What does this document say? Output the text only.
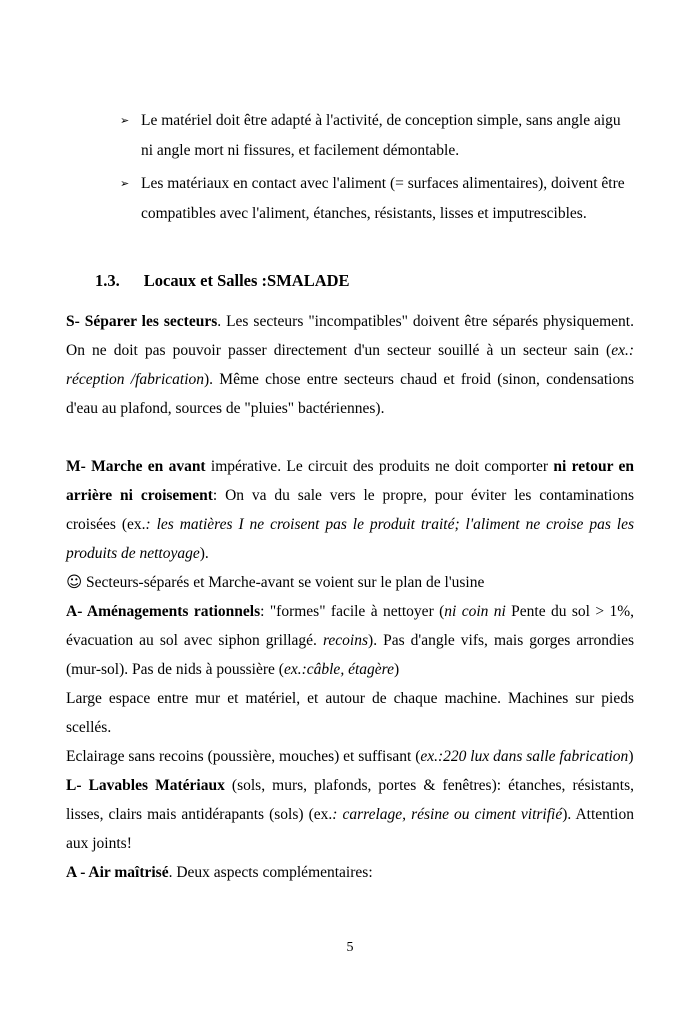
➢ Le matériel doit être adapté à l'activité, de conception simple, sans angle aigu ni angle mort ni fissures, et facilement démontable.
➢ Les matériaux en contact avec l'aliment (= surfaces alimentaires), doivent être compatibles avec l'aliment, étanches, résistants, lisses et imputrescibles.
1.3. Locaux et Salles :SMALADE

S- Séparer les secteurs. Les secteurs "incompatibles" doivent être séparés physiquement. On ne doit pas pouvoir passer directement d'un secteur souillé à un secteur sain (ex.: réception /fabrication). Même chose entre secteurs chaud et froid (sinon, condensations d'eau au plafond, sources de "pluies" bactériennes).

M- Marche en avant impérative. Le circuit des produits ne doit comporter ni retour en arrière ni croisement: On va du sale vers le propre, pour éviter les contaminations croisées (ex.: les matières I ne croisent pas le produit traité; l'aliment ne croise pas les produits de nettoyage).

☺ Secteurs-séparés et Marche-avant se voient sur le plan de l'usine

A- Aménagements rationnels: "formes" facile à nettoyer (ni coin ni Pente du sol > 1%, évacuation au sol avec siphon grillagé. recoins). Pas d'angle vifs, mais gorges arrondies (mur-sol). Pas de nids à poussière (ex.:câble, étagère)

Large espace entre mur et matériel, et autour de chaque machine. Machines sur pieds scellés.

Eclairage sans recoins (poussière, mouches) et suffisant (ex.:220 lux dans salle fabrication)

L- Lavables Matériaux (sols, murs, plafonds, portes & fenêtres): étanches, résistants, lisses, clairs mais antidérapants (sols) (ex.: carrelage, résine ou ciment vitrifié). Attention aux joints!

A - Air maîtrisé. Deux aspects complémentaires:

5
